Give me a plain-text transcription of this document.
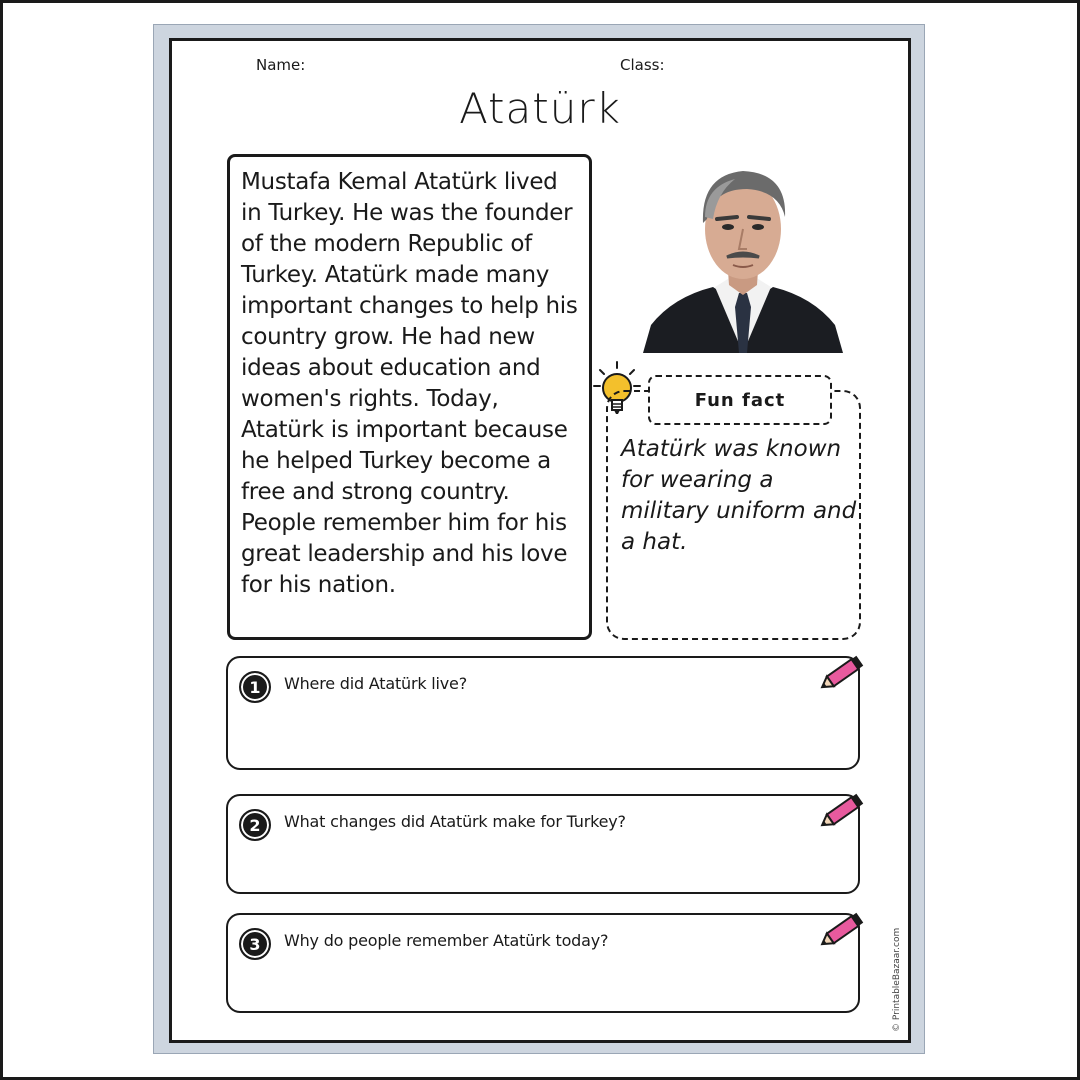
Name:	Class:
Atatürk

Mustafa Kemal Atatürk lived in Turkey. He was the founder of the modern Republic of Turkey. Atatürk made many important changes to help his country grow. He had new ideas about education and women's rights. Today, Atatürk is important because he helped Turkey become a free and strong country. People remember him for his great leadership and his love for his nation.

Fun fact

Atatürk was known for wearing a military uniform and a hat.

1	Where did Atatürk live?
2	What changes did Atatürk make for Turkey?
3	Why do people remember Atatürk today?	© PrintableBazaar.com
